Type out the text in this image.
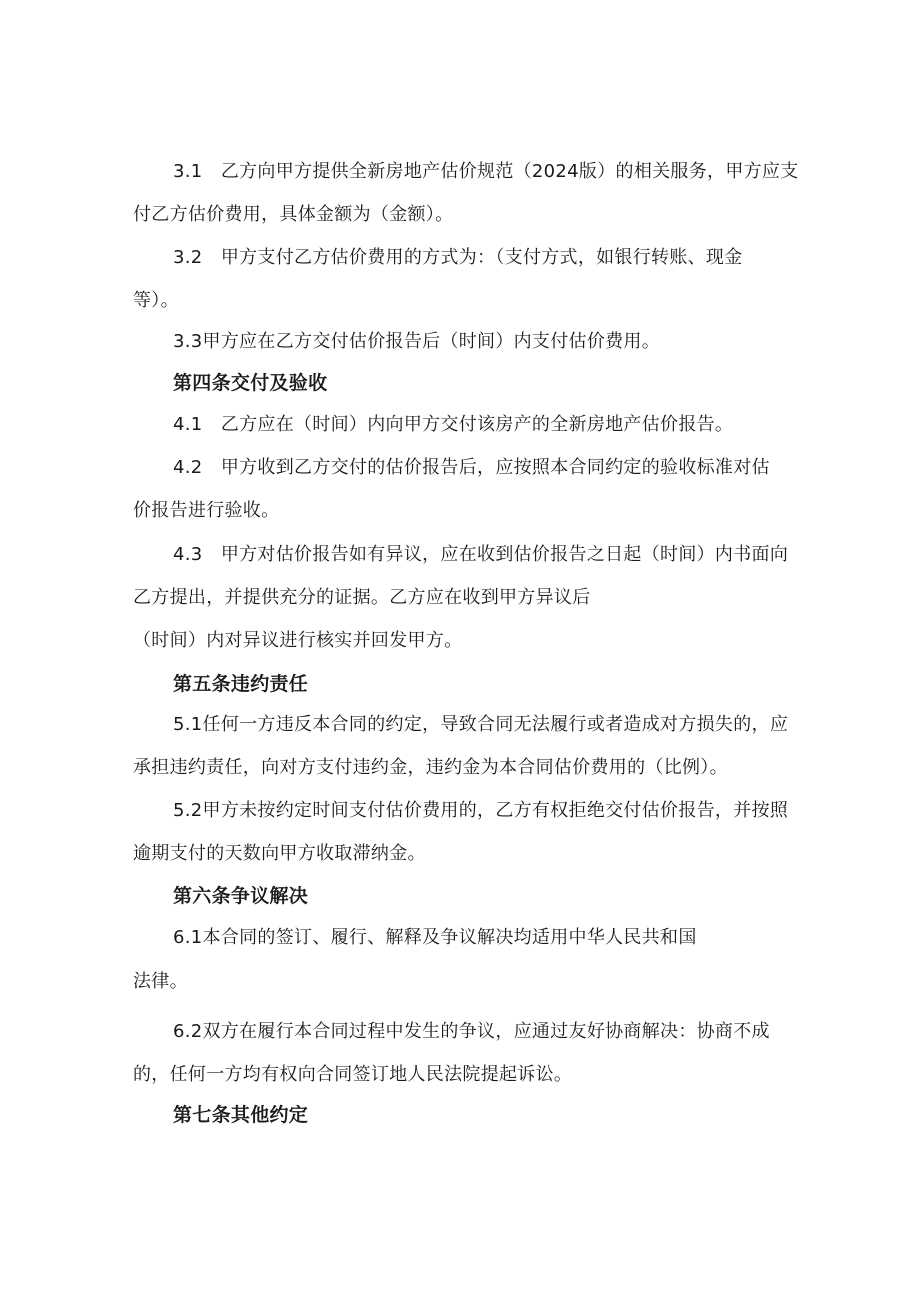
3.1　乙方向甲方提供全新房地产估价规范（2024版）的相关服务，甲方应支
付乙方估价费用，具体金额为（金额）。
3.2　甲方支付乙方估价费用的方式为：（支付方式，如银行转账、现金
等）。
3.3甲方应在乙方交付估价报告后（时间）内支付估价费用。
第四条交付及验收
4.1　乙方应在（时间）内向甲方交付该房产的全新房地产估价报告。
4.2　甲方收到乙方交付的估价报告后，应按照本合同约定的验收标准对估
价报告进行验收。
4.3　甲方对估价报告如有异议，应在收到估价报告之日起（时间）内书面向
乙方提出，并提供充分的证据。乙方应在收到甲方异议后
（时间）内对异议进行核实并回发甲方。
第五条违约责任
5.1任何一方违反本合同的约定，导致合同无法履行或者造成对方损失的，应
承担违约责任，向对方支付违约金，违约金为本合同估价费用的（比例）。
5.2甲方未按约定时间支付估价费用的，乙方有权拒绝交付估价报告，并按照
逾期支付的天数向甲方收取滞纳金。
第六条争议解决
6.1本合同的签订、履行、解释及争议解决均适用中华人民共和国
法律。
6.2双方在履行本合同过程中发生的争议，应通过友好协商解决：协商不成
的，任何一方均有权向合同签订地人民法院提起诉讼。
第七条其他约定
